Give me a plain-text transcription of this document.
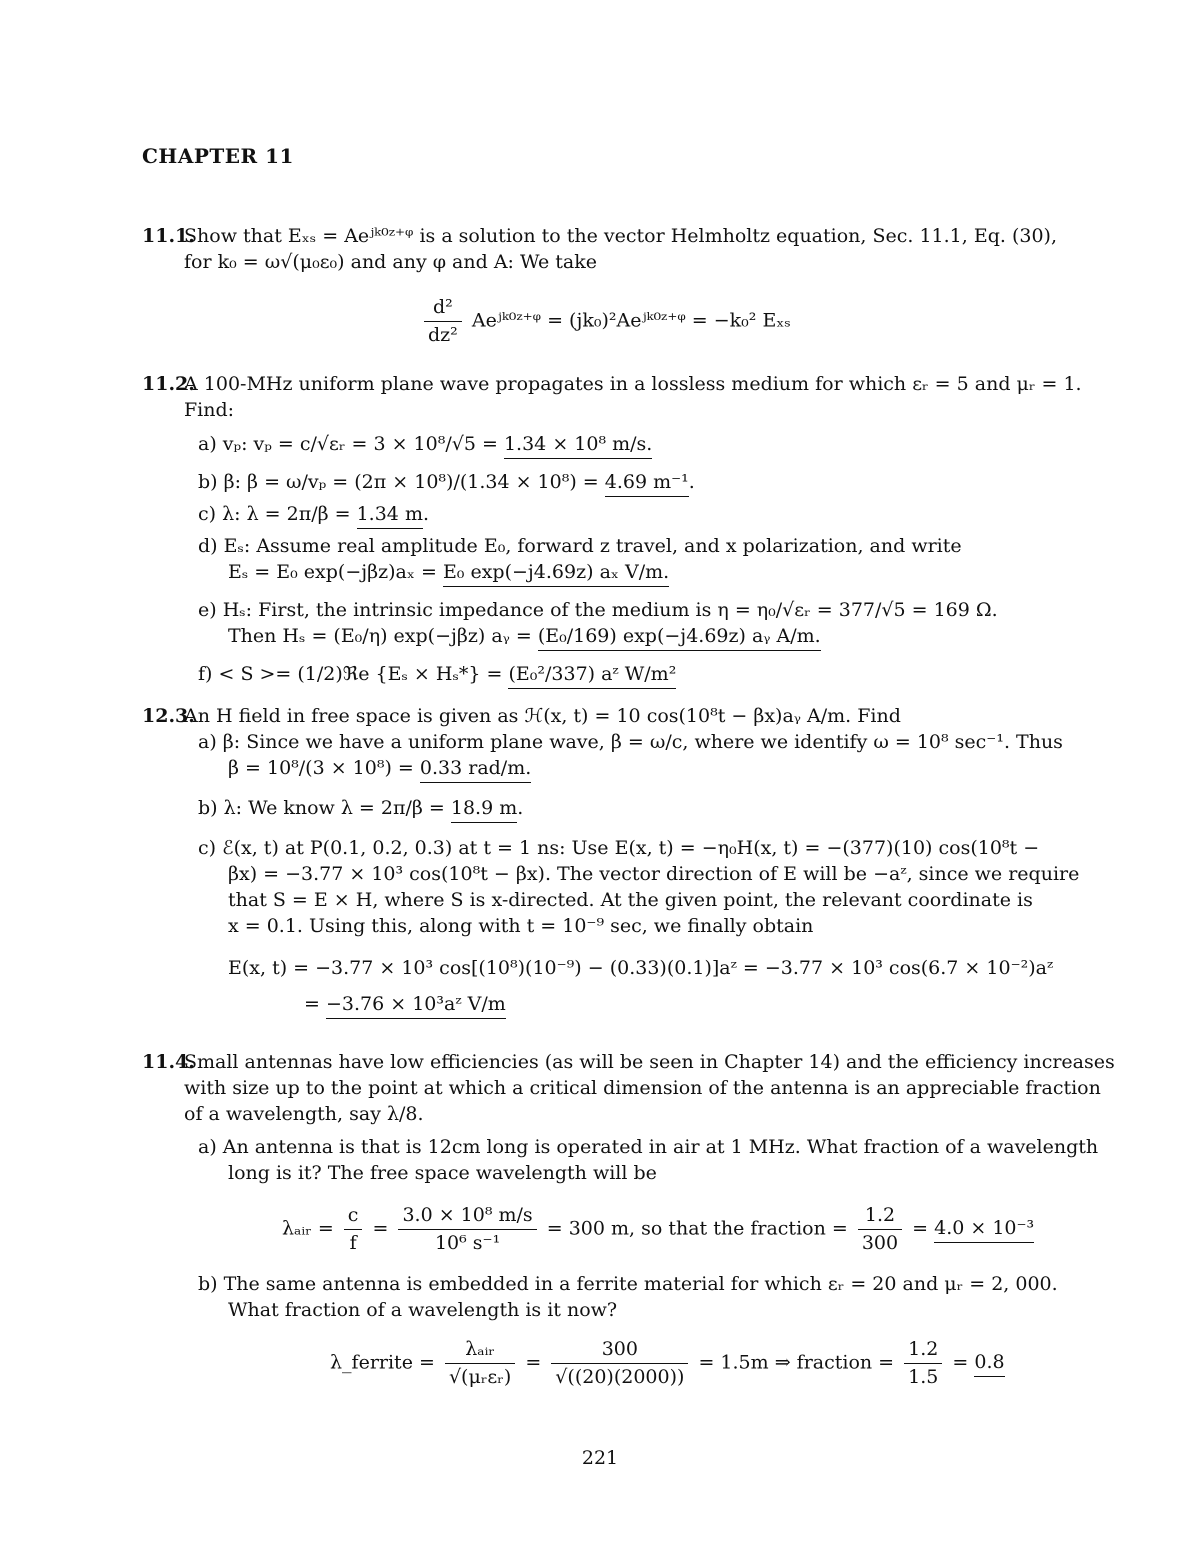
CHAPTER 11
11.1.
Show that Eₓₛ = Aeʲᵏ⁰ᶻ⁺ᵠ is a solution to the vector Helmholtz equation, Sec. 11.1, Eq. (30),
for k₀ = ω√(μ₀ε₀) and any φ and A: We take
$\frac{\text{d²}}{\text{dz²}}$ Aeʲᵏ⁰ᶻ⁺ᵠ = (jk₀)²Aeʲᵏ⁰ᶻ⁺ᵠ = −k₀² Eₓₛ
11.2.
A 100-MHz uniform plane wave propagates in a lossless medium for which εᵣ = 5 and μᵣ = 1.
Find:
a) vₚ: vₚ = c/√εᵣ = 3 × 10⁸/√5 = 1.34 × 10⁸ m/s.
b) β: β = ω/vₚ = (2π × 10⁸)/(1.34 × 10⁸) = 4.69 m⁻¹.
c) λ: λ = 2π/β = 1.34 m.
d) Eₛ: Assume real amplitude E₀, forward z travel, and x polarization, and write
Eₛ = E₀ exp(−jβz)aₓ = E₀ exp(−j4.69z) aₓ V/m.
e) Hₛ: First, the intrinsic impedance of the medium is η = η₀/√εᵣ = 377/√5 = 169 Ω.
Then Hₛ = (E₀/η) exp(−jβz) aᵧ = (E₀/169) exp(−j4.69z) aᵧ A/m.
f) < S >= (1/2)ℜe {Eₛ × Hₛ*} = (E₀²/337) aᶻ W/m²
12.3.
An H field in free space is given as ℋ(x, t) = 10 cos(10⁸t − βx)aᵧ A/m. Find
a) β: Since we have a uniform plane wave, β = ω/c, where we identify ω = 10⁸ sec⁻¹. Thus
β = 10⁸/(3 × 10⁸) = 0.33 rad/m.
b) λ: We know λ = 2π/β = 18.9 m.
c) ℰ(x, t) at P(0.1, 0.2, 0.3) at t = 1 ns: Use E(x, t) = −η₀H(x, t) = −(377)(10) cos(10⁸t −
βx) = −3.77 × 10³ cos(10⁸t − βx). The vector direction of E will be −aᶻ, since we require
that S = E × H, where S is x-directed. At the given point, the relevant coordinate is
x = 0.1. Using this, along with t = 10⁻⁹ sec, we finally obtain
E(x, t) = −3.77 × 10³ cos[(10⁸)(10⁻⁹) − (0.33)(0.1)]aᶻ = −3.77 × 10³ cos(6.7 × 10⁻²)aᶻ
= −3.76 × 10³aᶻ V/m
11.4.
Small antennas have low efficiencies (as will be seen in Chapter 14) and the efficiency increases
with size up to the point at which a critical dimension of the antenna is an appreciable fraction
of a wavelength, say λ/8.
a) An antenna is that is 12cm long is operated in air at 1 MHz. What fraction of a wavelength
long is it? The free space wavelength will be
λₐᵢᵣ = $\frac{c}{f} = \frac{\text{3.0 × 10⁸ m/s}}{\text{10⁶ s⁻¹}} = 300$ m, so that the fraction = $\frac{1.2}{300} = 4.0 \times 10^{-3}$
b) The same antenna is embedded in a ferrite material for which εᵣ = 20 and μᵣ = 2, 000.
What fraction of a wavelength is it now?
λ_ferrite = $\frac{\text{λₐᵢᵣ}}{\text{√(μᵣεᵣ)}} = \frac{300}{√((20)(2000))} = 1.5m$ ⇒ fraction = $\frac{1.2}{1.5} = 0.8$
221
